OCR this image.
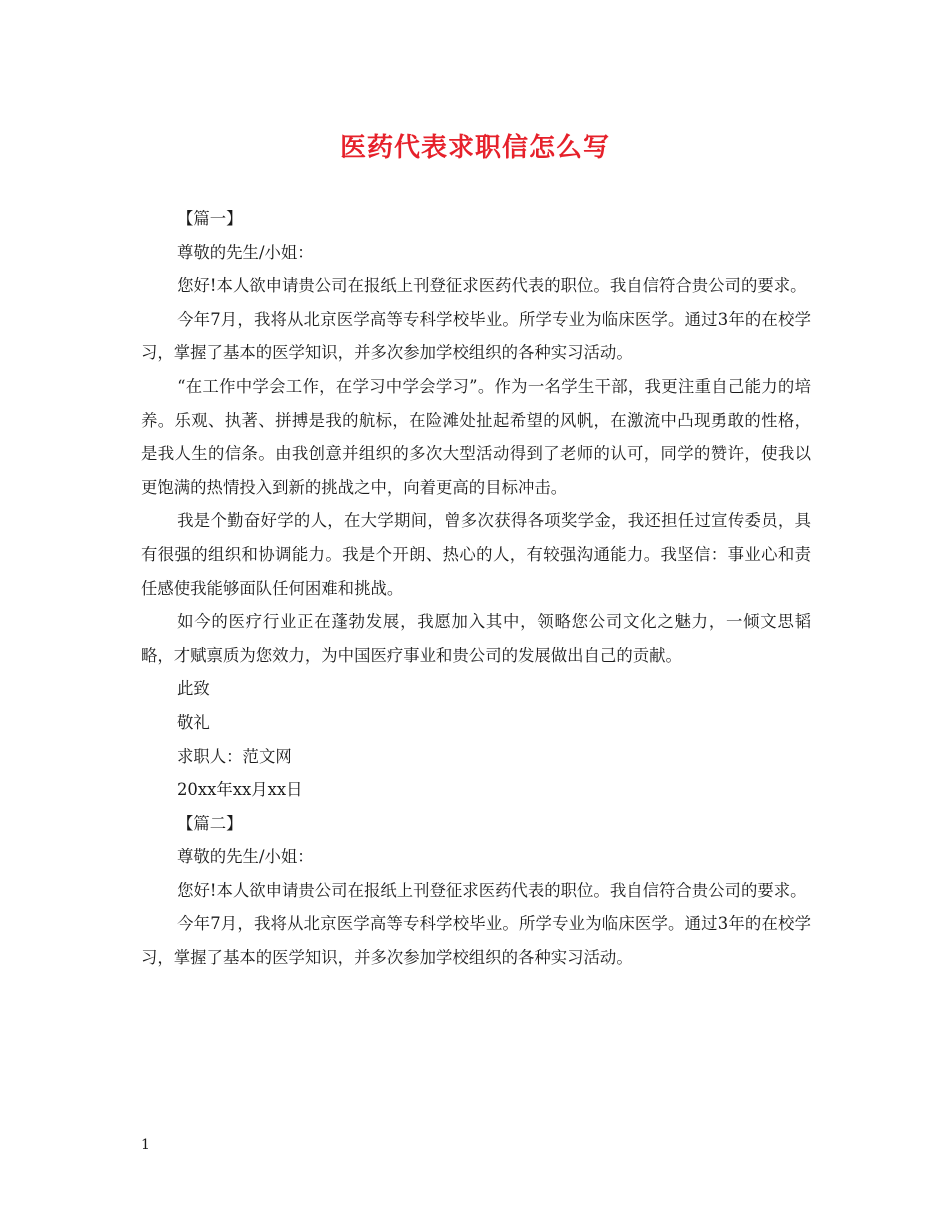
医药代表求职信怎么写

【篇一】

尊敬的先生/小姐：

您好!本人欲申请贵公司在报纸上刊登征求医药代表的职位。我自信符合贵公司的要求。

今年7月，我将从北京医学高等专科学校毕业。所学专业为临床医学。通过3年的在校学习，掌握了基本的医学知识，并多次参加学校组织的各种实习活动。

“在工作中学会工作，在学习中学会学习”。作为一名学生干部，我更注重自己能力的培养。乐观、执著、拼搏是我的航标，在险滩处扯起希望的风帆，在激流中凸现勇敢的性格，是我人生的信条。由我创意并组织的多次大型活动得到了老师的认可，同学的赞许，使我以更饱满的热情投入到新的挑战之中，向着更高的目标冲击。

我是个勤奋好学的人，在大学期间，曾多次获得各项奖学金，我还担任过宣传委员，具有很强的组织和协调能力。我是个开朗、热心的人，有较强沟通能力。我坚信：事业心和责任感使我能够面队任何困难和挑战。

如今的医疗行业正在蓬勃发展，我愿加入其中，领略您公司文化之魅力，一倾文思韬略，才赋禀质为您效力，为中国医疗事业和贵公司的发展做出自己的贡献。

此致

敬礼

求职人：范文网

20xx年xx月xx日

【篇二】

尊敬的先生/小姐：

您好!本人欲申请贵公司在报纸上刊登征求医药代表的职位。我自信符合贵公司的要求。

今年7月，我将从北京医学高等专科学校毕业。所学专业为临床医学。通过3年的在校学习，掌握了基本的医学知识，并多次参加学校组织的各种实习活动。

1
